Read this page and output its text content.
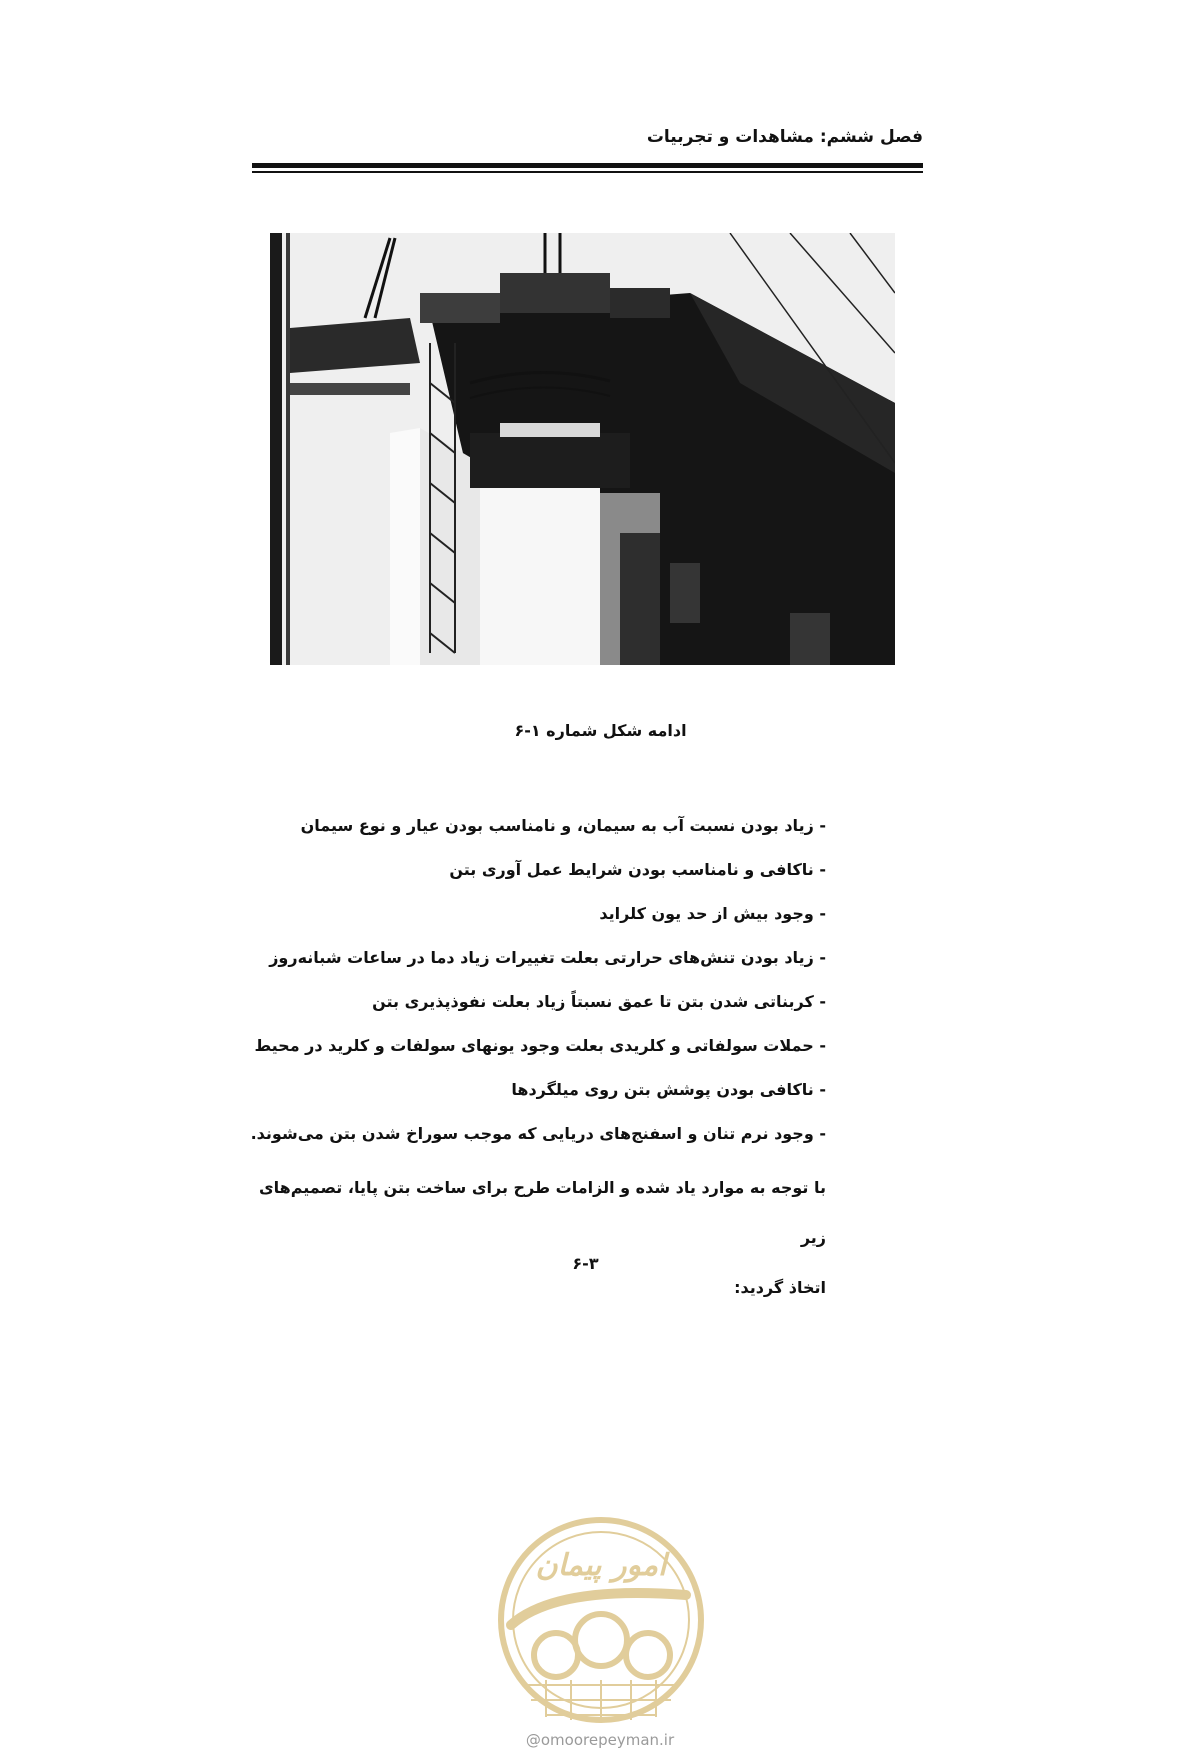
فصل ششم: مشاهدات و تجربیات
ادامه شکل شماره ۱-۶
- زیاد بودن نسبت آب به سیمان، و نامناسب بودن عیار و نوع سیمان
- ناکافی و نامناسب بودن شرایط عمل آوری بتن
- وجود بیش از حد یون کلراید
- زیاد بودن تنش‌های حرارتی بعلت تغییرات زیاد دما در ساعات شبانه‌روز
- کربناتی شدن بتن تا عمق نسبتاً زیاد بعلت نفوذپذیری بتن
- حملات سولفاتی و کلریدی بعلت وجود یونهای سولفات و کلرید در محیط
- ناکافی بودن پوشش بتن روی میلگردها
- وجود نرم تنان و اسفنج‌های دریایی که موجب سوراخ شدن بتن می‌شوند.
با توجه به موارد یاد شده و الزامات طرح برای ساخت بتن پایا، تصمیم‌های زیر
اتخاذ گردید:
۶-۳
امور پیمان
@omoorepeyman.ir
